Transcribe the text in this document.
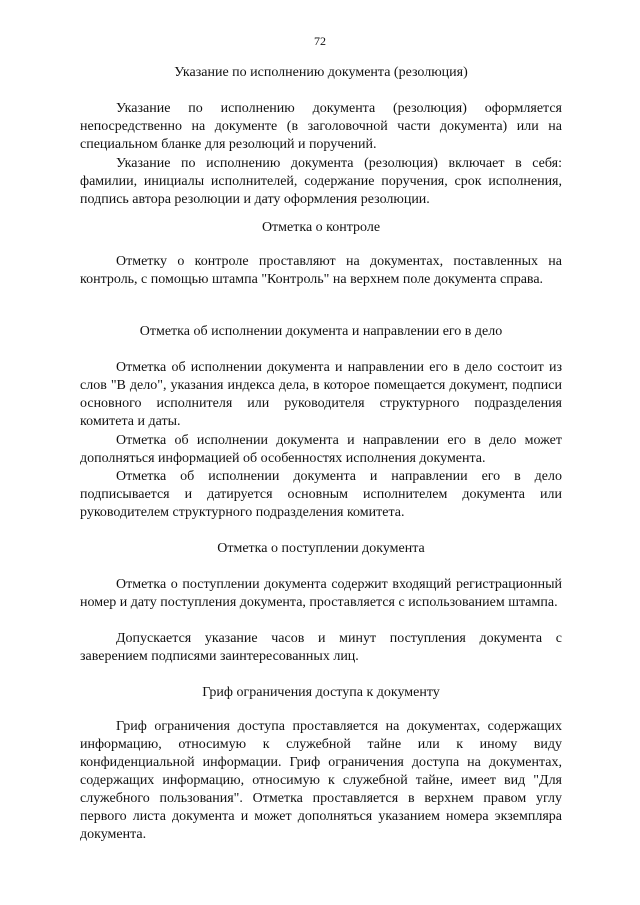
72
Указание по исполнению документа (резолюция)

Указание по исполнению документа (резолюция) оформляется непосредственно на документе (в заголовочной части документа) или на специальном бланке для резолюций и поручений.

Указание по исполнению документа (резолюция) включает в себя: фамилии, инициалы исполнителей, содержание поручения, срок исполнения, подпись автора резолюции и дату оформления резолюции.

Отметка о контроле

Отметку о контроле проставляют на документах, поставленных на контроль, с помощью штампа "Контроль" на верхнем поле документа справа.

Отметка об исполнении документа и направлении его в дело

Отметка об исполнении документа и направлении его в дело состоит из слов "В дело", указания индекса дела, в которое помещается документ, подписи основного исполнителя или руководителя структурного подразделения комитета и даты.

Отметка об исполнении документа и направлении его в дело может дополняться информацией об особенностях исполнения документа.

Отметка об исполнении документа и направлении его в дело подписывается и датируется основным исполнителем документа или руководителем структурного подразделения комитета.

Отметка о поступлении документа

Отметка о поступлении документа содержит входящий регистрационный номер и дату поступления документа, проставляется с использованием штампа.

Допускается указание часов и минут поступления документа с заверением подписями заинтересованных лиц.

Гриф ограничения доступа к документу

Гриф ограничения доступа проставляется на документах, содержащих информацию, относимую к служебной тайне или к иному виду конфиденциальной информации. Гриф ограничения доступа на документах, содержащих информацию, относимую к служебной тайне, имеет вид "Для служебного пользования". Отметка проставляется в верхнем правом углу первого листа документа и может дополняться указанием номера экземпляра документа.
